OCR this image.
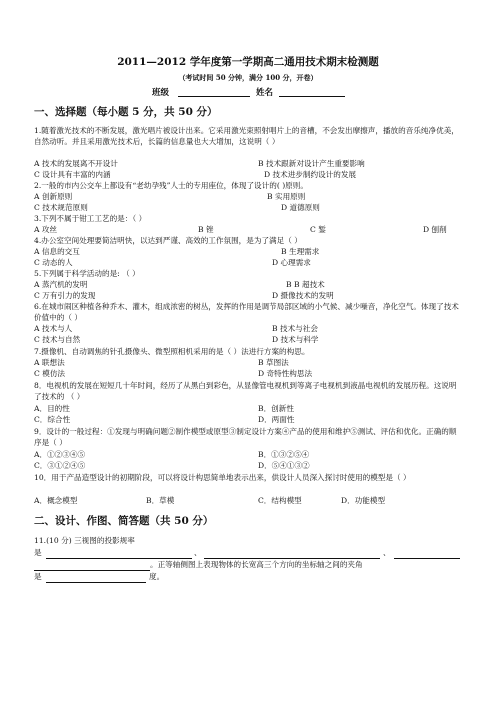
2011—2012 学年度第一学期高二通用技术期末检测题
（考试时间 50 分钟，满分 100 分，开卷）
班级	姓名
一、选择题（每小题 5 分，共 50 分）
1.随着激光技术的不断发展，激光唱片被设计出来。它采用激光束照射唱片上的音槽，不会发出摩擦声，播放的音乐纯净优美，自然动听。并且采用激光技术后，长篇的信息量也大大增加，这说明（ ）
A 技术的发展离不开设计	B 技术跟新对设计产生重要影响
C 设计具有丰富的内涵	D 技术进步制约设计的发展
2.一般的市内公交车上都设有“老幼孕残”人士的专用座位，体现了设计的( )原则。
A 创新原则	B 实用原则
C 技术规范原则	D 道德原则
3.下列不属于钳工工艺的是：（ ）
A 攻丝	B 锉	C 錾	D 刨削
4.办公室空间处理要简洁明快，以达到严谨、高效的工作氛围，是为了满足（ ）
A 信息的交互	B 生理需求
C 动态的人	D 心理需求
5.下列属于科学活动的是: （ ）
A 蒸汽机的发明	B B 超技术
C 万有引力的发现	D 摄像技术的发明
6.在城市闹区种植各种乔木、灌木，组成浓密的树丛，发挥的作用是调节局部区域的小气候、减少噪音，净化空气。体现了技术价值中的（ ）
A 技术与人	B 技术与社会
C 技术与自然	D 技术与科学
7.摄像机、自动调焦的针孔摄像头、微型照相机采用的是（ ）法进行方案的构思。
A 联想法	B 草图法
C 模仿法	D 奇特性构思法
8．电视机的发展在短短几十年时间，经历了从黑白到彩色，从显像管电视机到等离子电视机到液晶电视机的发展历程。这说明了技术的 （ ）
A．目的性	B．创新性
C．综合性	D．两面性
9．设计的一般过程：①发现与明确问题②制作模型或原型③制定设计方案④产品的使用和维护⑤测试、评估和优化。正确的顺序是（ ）
A．①②③④⑤	B．①③②⑤④
C．③①②④⑤	D．⑤④①③②
10．用于产品造型设计的初期阶段，可以将设计构思简单地表示出来，供设计人员深入探讨时使用的模型是（ ）
A．概念模型	B．草模	C．结构模型	D．功能模型
二、设计、作图、简答题（共 50 分）
11.(10 分) 三视图的投影规率
是	、	、
。正等轴侧图上表现物体的长宽高三个方向的坐标轴之间的夹角
是	度。
